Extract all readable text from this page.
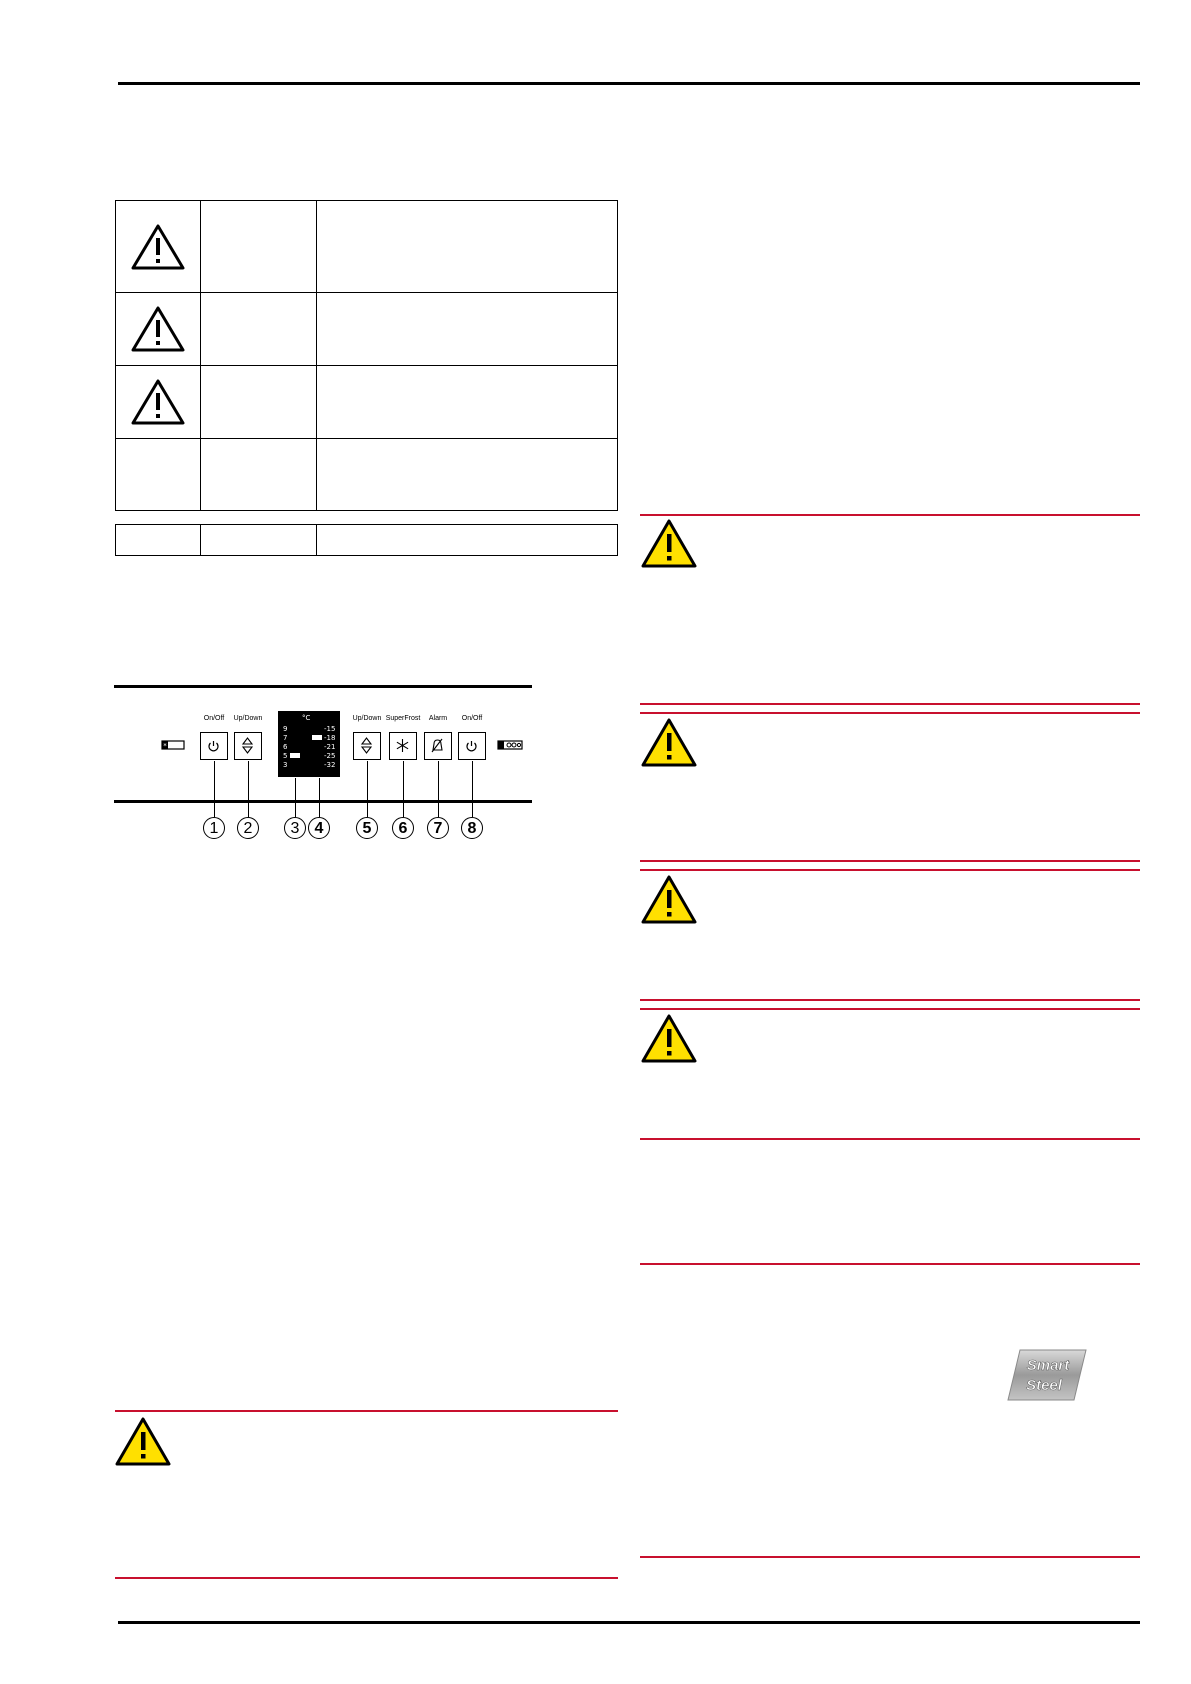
*
On/Off	Up/Down	Up/Down SuperFrost	Alarm	On/Off
°C
9
7
6
5
3
-15
-18
-21
-25
-32
1	2	3 4	5	6	7	8
Smart
Steel
